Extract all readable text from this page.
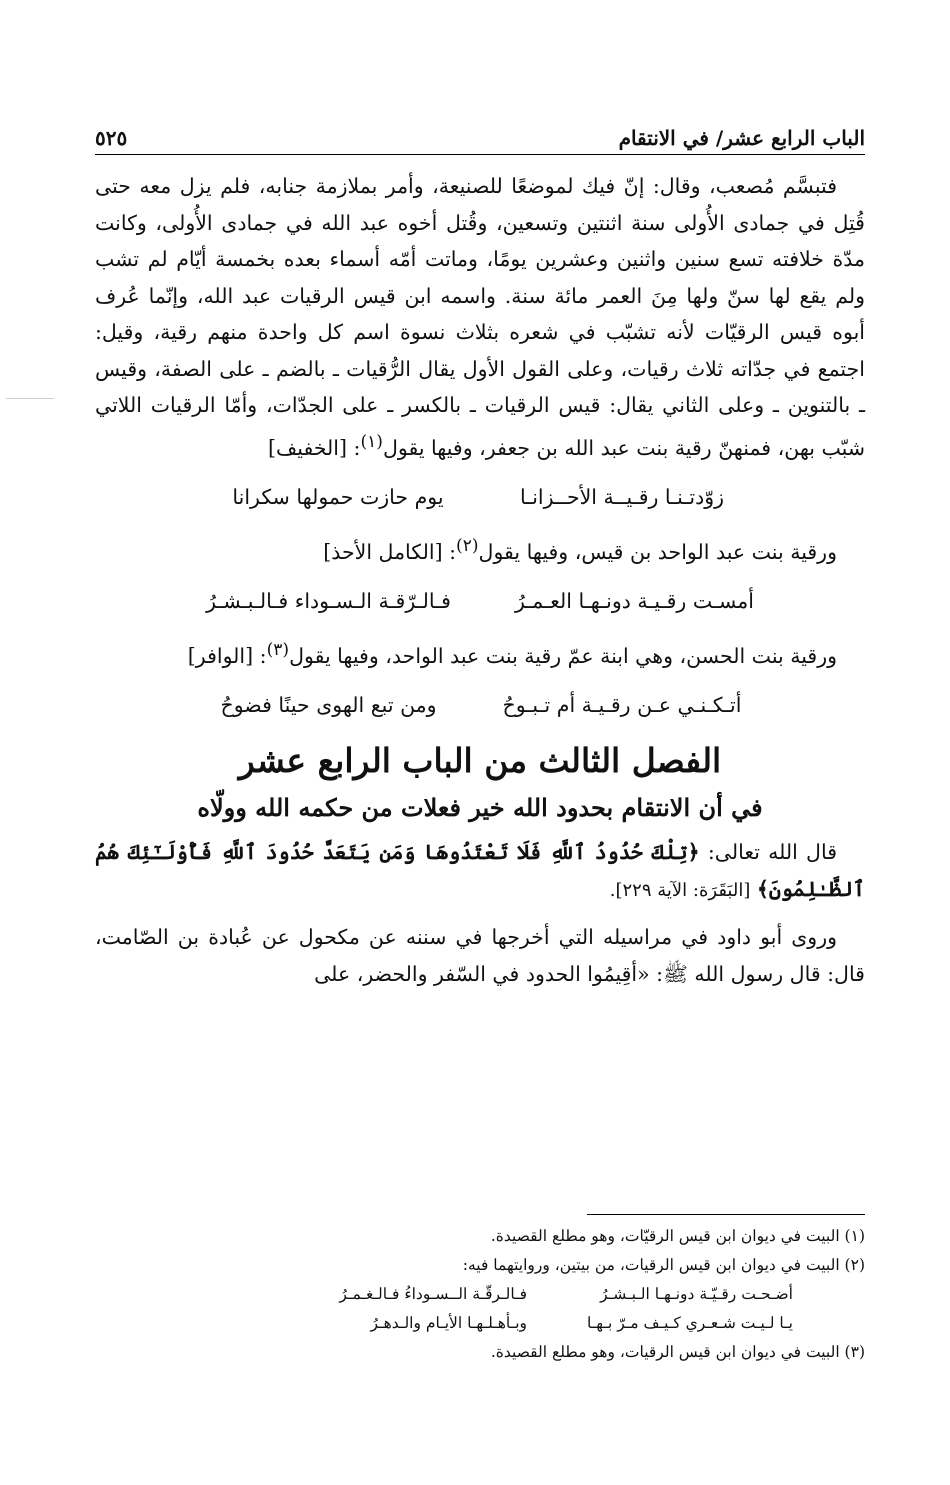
الباب الرابع عشر/ في الانتقام
٥٢٥

فتبسَّم مُصعب، وقال: إنّ فيك لموضعًا للصنيعة، وأمر بملازمة جنابه، فلم يزل معه حتى قُتِل في جمادى الأُولى سنة اثنتين وتسعين، وقُتل أخوه عبد الله في جمادى الأُولى، وكانت مدّة خلافته تسع سنين واثنين وعشرين يومًا، وماتت أمّه أسماء بعده بخمسة أيّام لم تشب ولم يقع لها سنّ ولها مِنَ العمر مائة سنة. واسمه ابن قيس الرقيات عبد الله، وإنّما عُرف أبوه قيس الرقيّات لأنه تشبّب في شعره بثلاث نسوة اسم كل واحدة منهم رقية، وقيل: اجتمع في جدّاته ثلاث رقيات، وعلى القول الأول يقال الرُّقيات ـ بالضم ـ على الصفة، وقيس ـ بالتنوين ـ وعلى الثاني يقال: قيس الرقيات ـ بالكسر ـ على الجدّات، وأمّا الرقيات اللاتي شبّب بهن، فمنهنّ رقية بنت عبد الله بن جعفر، وفيها يقول$^{(١)}$: [الخفيف]

زوّدتـنـا رقـيــة الأحــزانـا
يوم حازت حمولها سكرانا

ورقية بنت عبد الواحد بن قيس، وفيها يقول$^{(٢)}$: [الكامل الأحذ]

أمسـت رقـيـة دونـهـا العـمـرُ
فـالـرّقـة الـسـوداء فـالـبـشـرُ

ورقية بنت الحسن، وهي ابنة عمّ رقية بنت عبد الواحد، وفيها يقول$^{(٣)}$: [الوافر]

أتـكـنـي عـن رقـيـة أم تـبـوحُ
ومن تبع الهوى حينًا فضوحُ
الفصل الثالث من الباب الرابع عشر
في أن الانتقام بحدود الله خير فعلات من حكمه الله وولّاه

قال الله تعالى: ﴿تِلْكَ حُدُودُ ٱللَّهِ فَلَا تَعْتَدُوهَا وَمَن يَتَعَدَّ حُدُودَ ٱللَّهِ فَأُوْلَـٰٓئِكَ هُمُ ٱلظَّـٰلِمُونَ﴾ [البَقَرَة: الآية ٢٢٩].

وروى أبو داود في مراسيله التي أخرجها في سننه عن مكحول عن عُبادة بن الصّامت، قال: قال رسول الله ﷺ: «أقِيمُوا الحدود في السّفر والحضر، على

(١) البيت في ديوان ابن قيس الرقيّات، وهو مطلع القصيدة.

(٢) البيت في ديوان ابن قيس الرقيات، من بيتين، وروايتهما فيه:

أضـحـت رقـيّـة دونـهـا الـبـشـرُ
فـالـرقّـة الــسـوداءُ فـالـغـمـرُ
يـا لـيـت شـعـري كـيـف مـرّ بـهـا
وبـأهـلـهـا الأيـام والـدهـرُ

(٣) البيت في ديوان ابن قيس الرقيات، وهو مطلع القصيدة.
